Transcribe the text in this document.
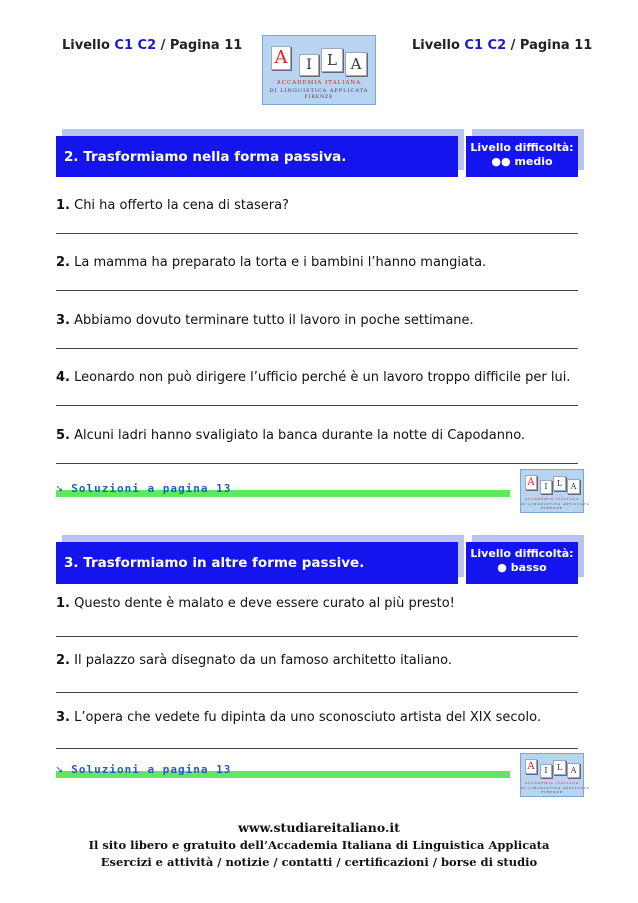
Livello C1 C2 / Pagina 11	Livello C1 C2 / Pagina 11
A	I	L A
ACCADEMIA ITALIANA
DI LINGUISTICA APPLICATA
FIRENZE
2. Trasformiamo nella forma passiva.
Livello difficoltà:
●● medio
1. Chi ha offerto la cena di stasera?
2. La mamma ha preparato la torta e i bambini l’hanno mangiata.
3. Abbiamo dovuto terminare tutto il lavoro in poche settimane.
4. Leonardo non può dirigere l’ufficio perché è un lavoro troppo difficile per lui.
5. Alcuni ladri hanno svaligiato la banca durante la notte di Capodanno.
➘ Soluzioni a pagina 13	A	I	L	A
ACCADEMIA ITALIANA
DI LINGUISTICA APPLICATA
FIRENZE
3. Trasformiamo in altre forme passive.
Livello difficoltà:
● basso
1. Questo dente è malato e deve essere curato al più presto!
2. Il palazzo sarà disegnato da un famoso architetto italiano.
3. L’opera che vedete fu dipinta da uno sconosciuto artista del XIX secolo.
➘ Soluzioni a pagina 13	A	I	L	A
ACCADEMIA ITALIANA
DI LINGUISTICA APPLICATA
FIRENZE
www.studiareitaliano.it
Il sito libero e gratuito dell’Accademia Italiana di Linguistica Applicata
Esercizi e attività / notizie / contatti / certificazioni / borse di studio
